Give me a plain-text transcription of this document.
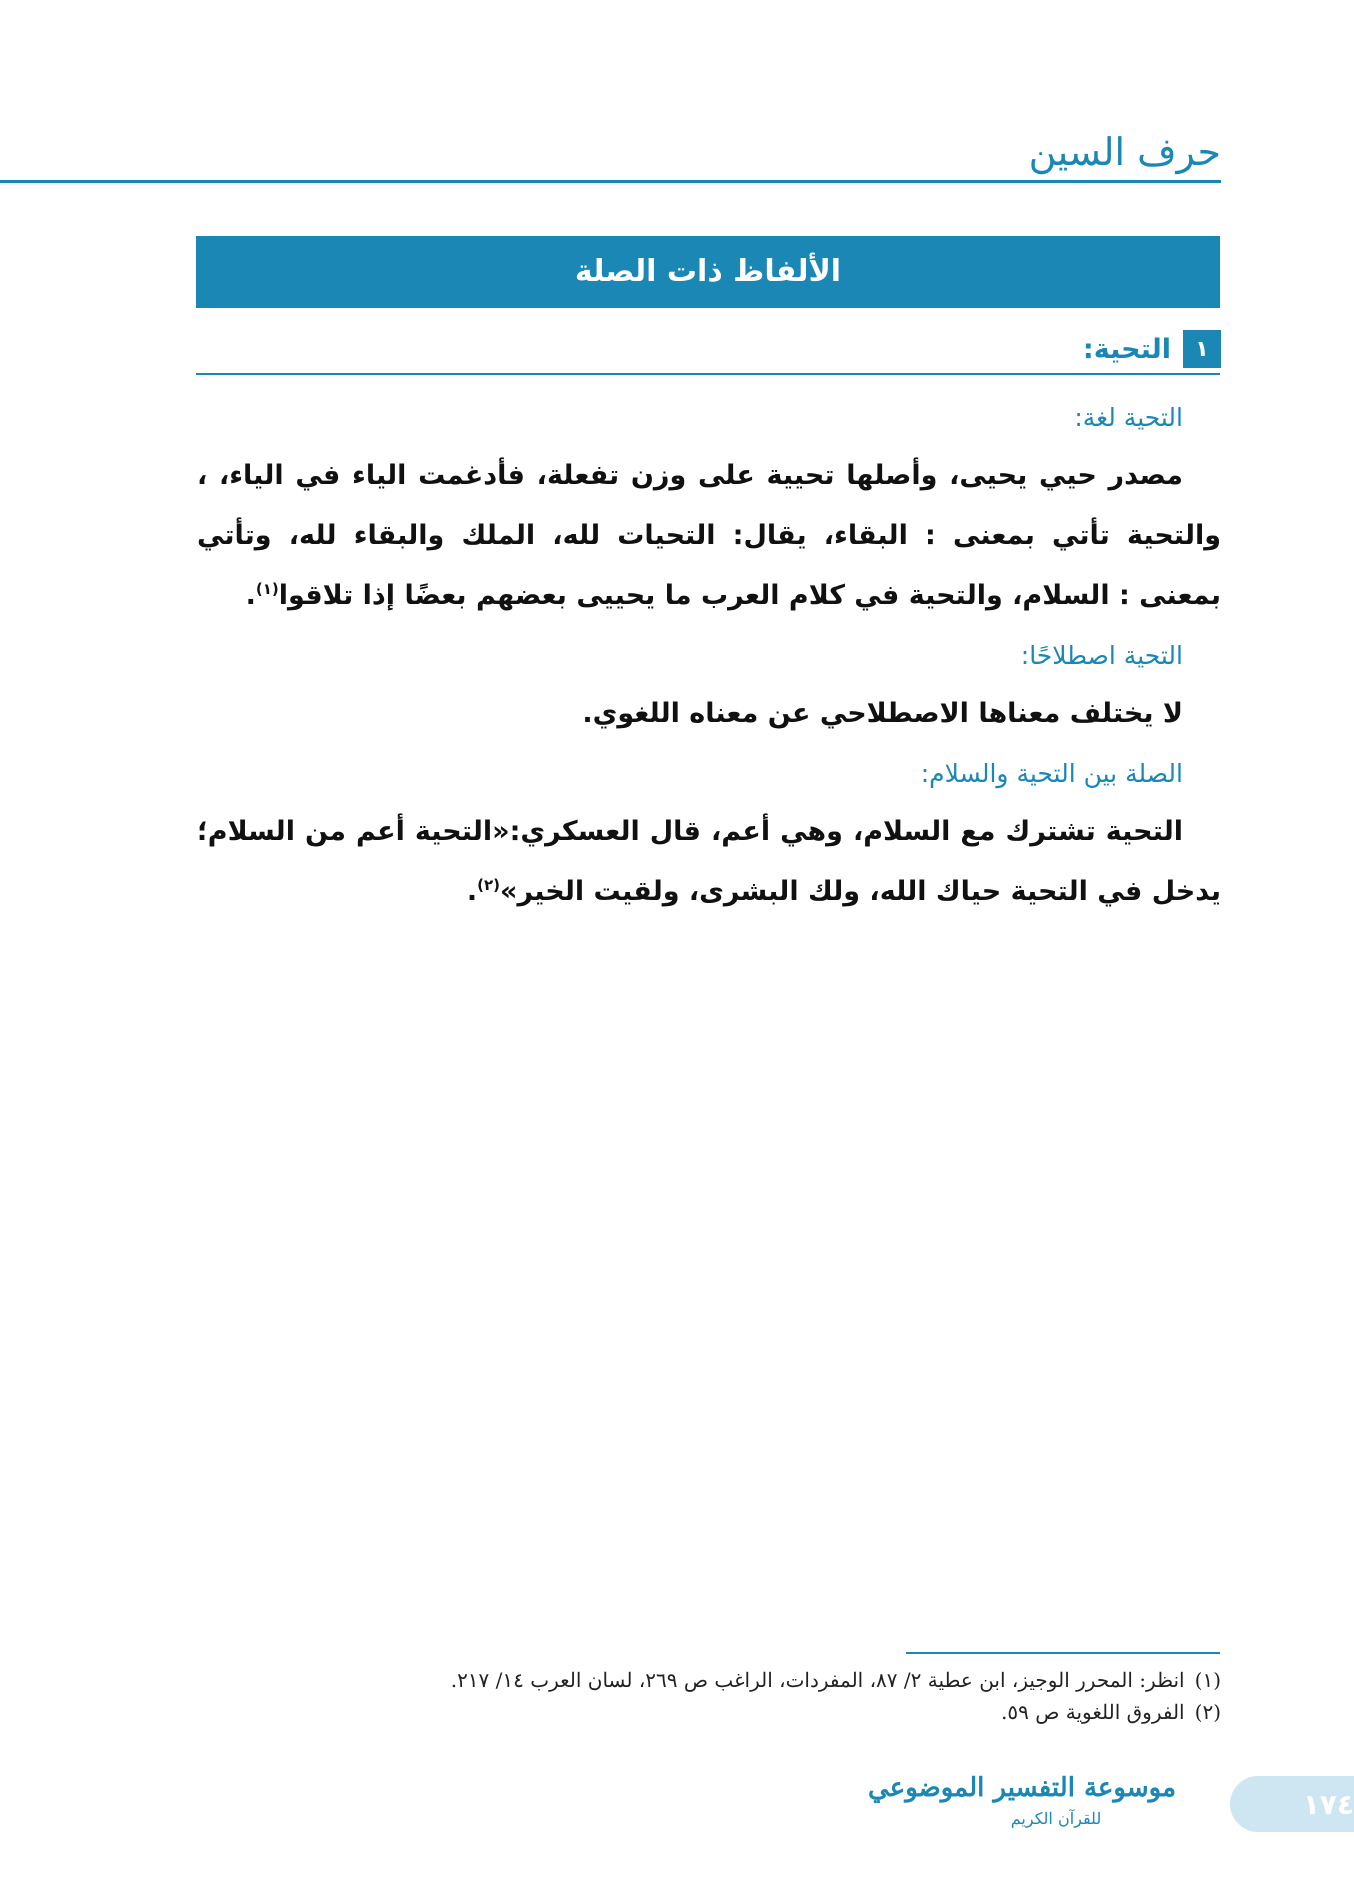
حرف السين
الألفاظ ذات الصلة
١
التحية:
التحية لغة:

مصدر حيي يحيى، وأصلها تحيية على وزن تفعلة، فأدغمت الياء في الياء، ، والتحية تأتي بمعنى : البقاء، يقال: التحيات لله، الملك والبقاء لله، وتأتي بمعنى : السلام، والتحية في كلام العرب ما يحييى بعضهم بعضًا إذا تلاقوا$^{(١)}$.

التحية اصطلاحًا:

لا يختلف معناها الاصطلاحي عن معناه اللغوي.

الصلة بين التحية والسلام:

التحية تشترك مع السلام، وهي أعم، قال العسكري:«التحية أعم من السلام؛ يدخل في التحية حياك الله، ولك البشرى، ولقيت الخير»$^{(٢)}$.

(١)انظر: المحرر الوجيز، ابن عطية ٢/ ٨٧، المفردات، الراغب ص ٢٦٩، لسان العرب ١٤/ ٢١٧.
(٢)الفروق اللغوية ص ٥٩.
موسوعة التفسير الموضوعي
للقرآن الكريم	١٧٤
